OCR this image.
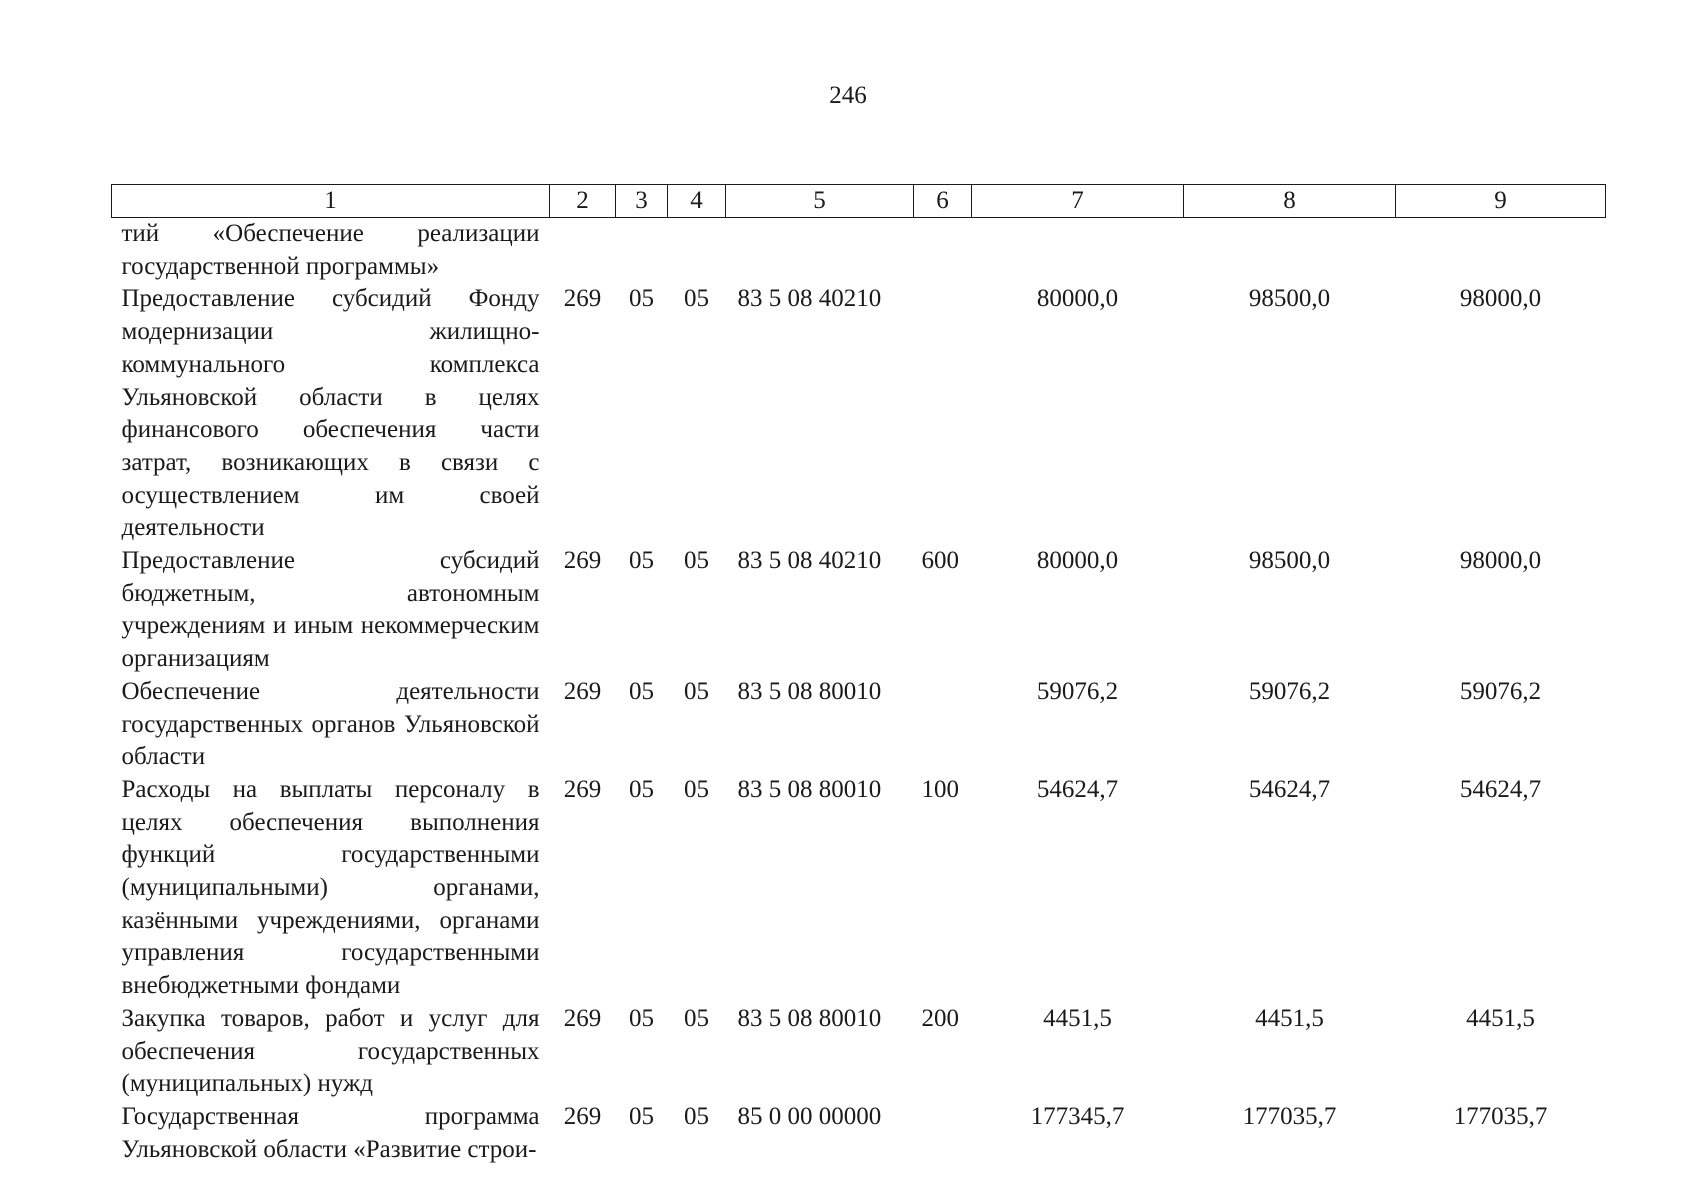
246
1	2	3	4	5	6	7	8	9
тий «Обеспечение реализации государственной программы»								
Предоставление субсидий Фонду модернизации жилищно-коммунального комплекса Ульяновской области в целях финансового обеспечения части затрат, возникающих в связи с осуществлением им своей деятельности	269	05	05	83 5 08 40210		80000,0	98500,0	98000,0
Предоставление субсидий бюджетным, автономным учреждениям и иным некоммерческим организациям	269	05	05	83 5 08 40210	600	80000,0	98500,0	98000,0
Обеспечение деятельности государственных органов Ульяновской области	269	05	05	83 5 08 80010		59076,2	59076,2	59076,2
Расходы на выплаты персоналу в целях обеспечения выполнения функций государственными (муниципальными) органами, казёнными учреждениями, органами управления государственными внебюджетными фондами	269	05	05	83 5 08 80010	100	54624,7	54624,7	54624,7
Закупка товаров, работ и услуг для обеспечения государственных (муниципальных) нужд	269	05	05	83 5 08 80010	200	4451,5	4451,5	4451,5
Государственная программа Ульяновской области «Развитие строи-	269	05	05	85 0 00 00000		177345,7	177035,7	177035,7
